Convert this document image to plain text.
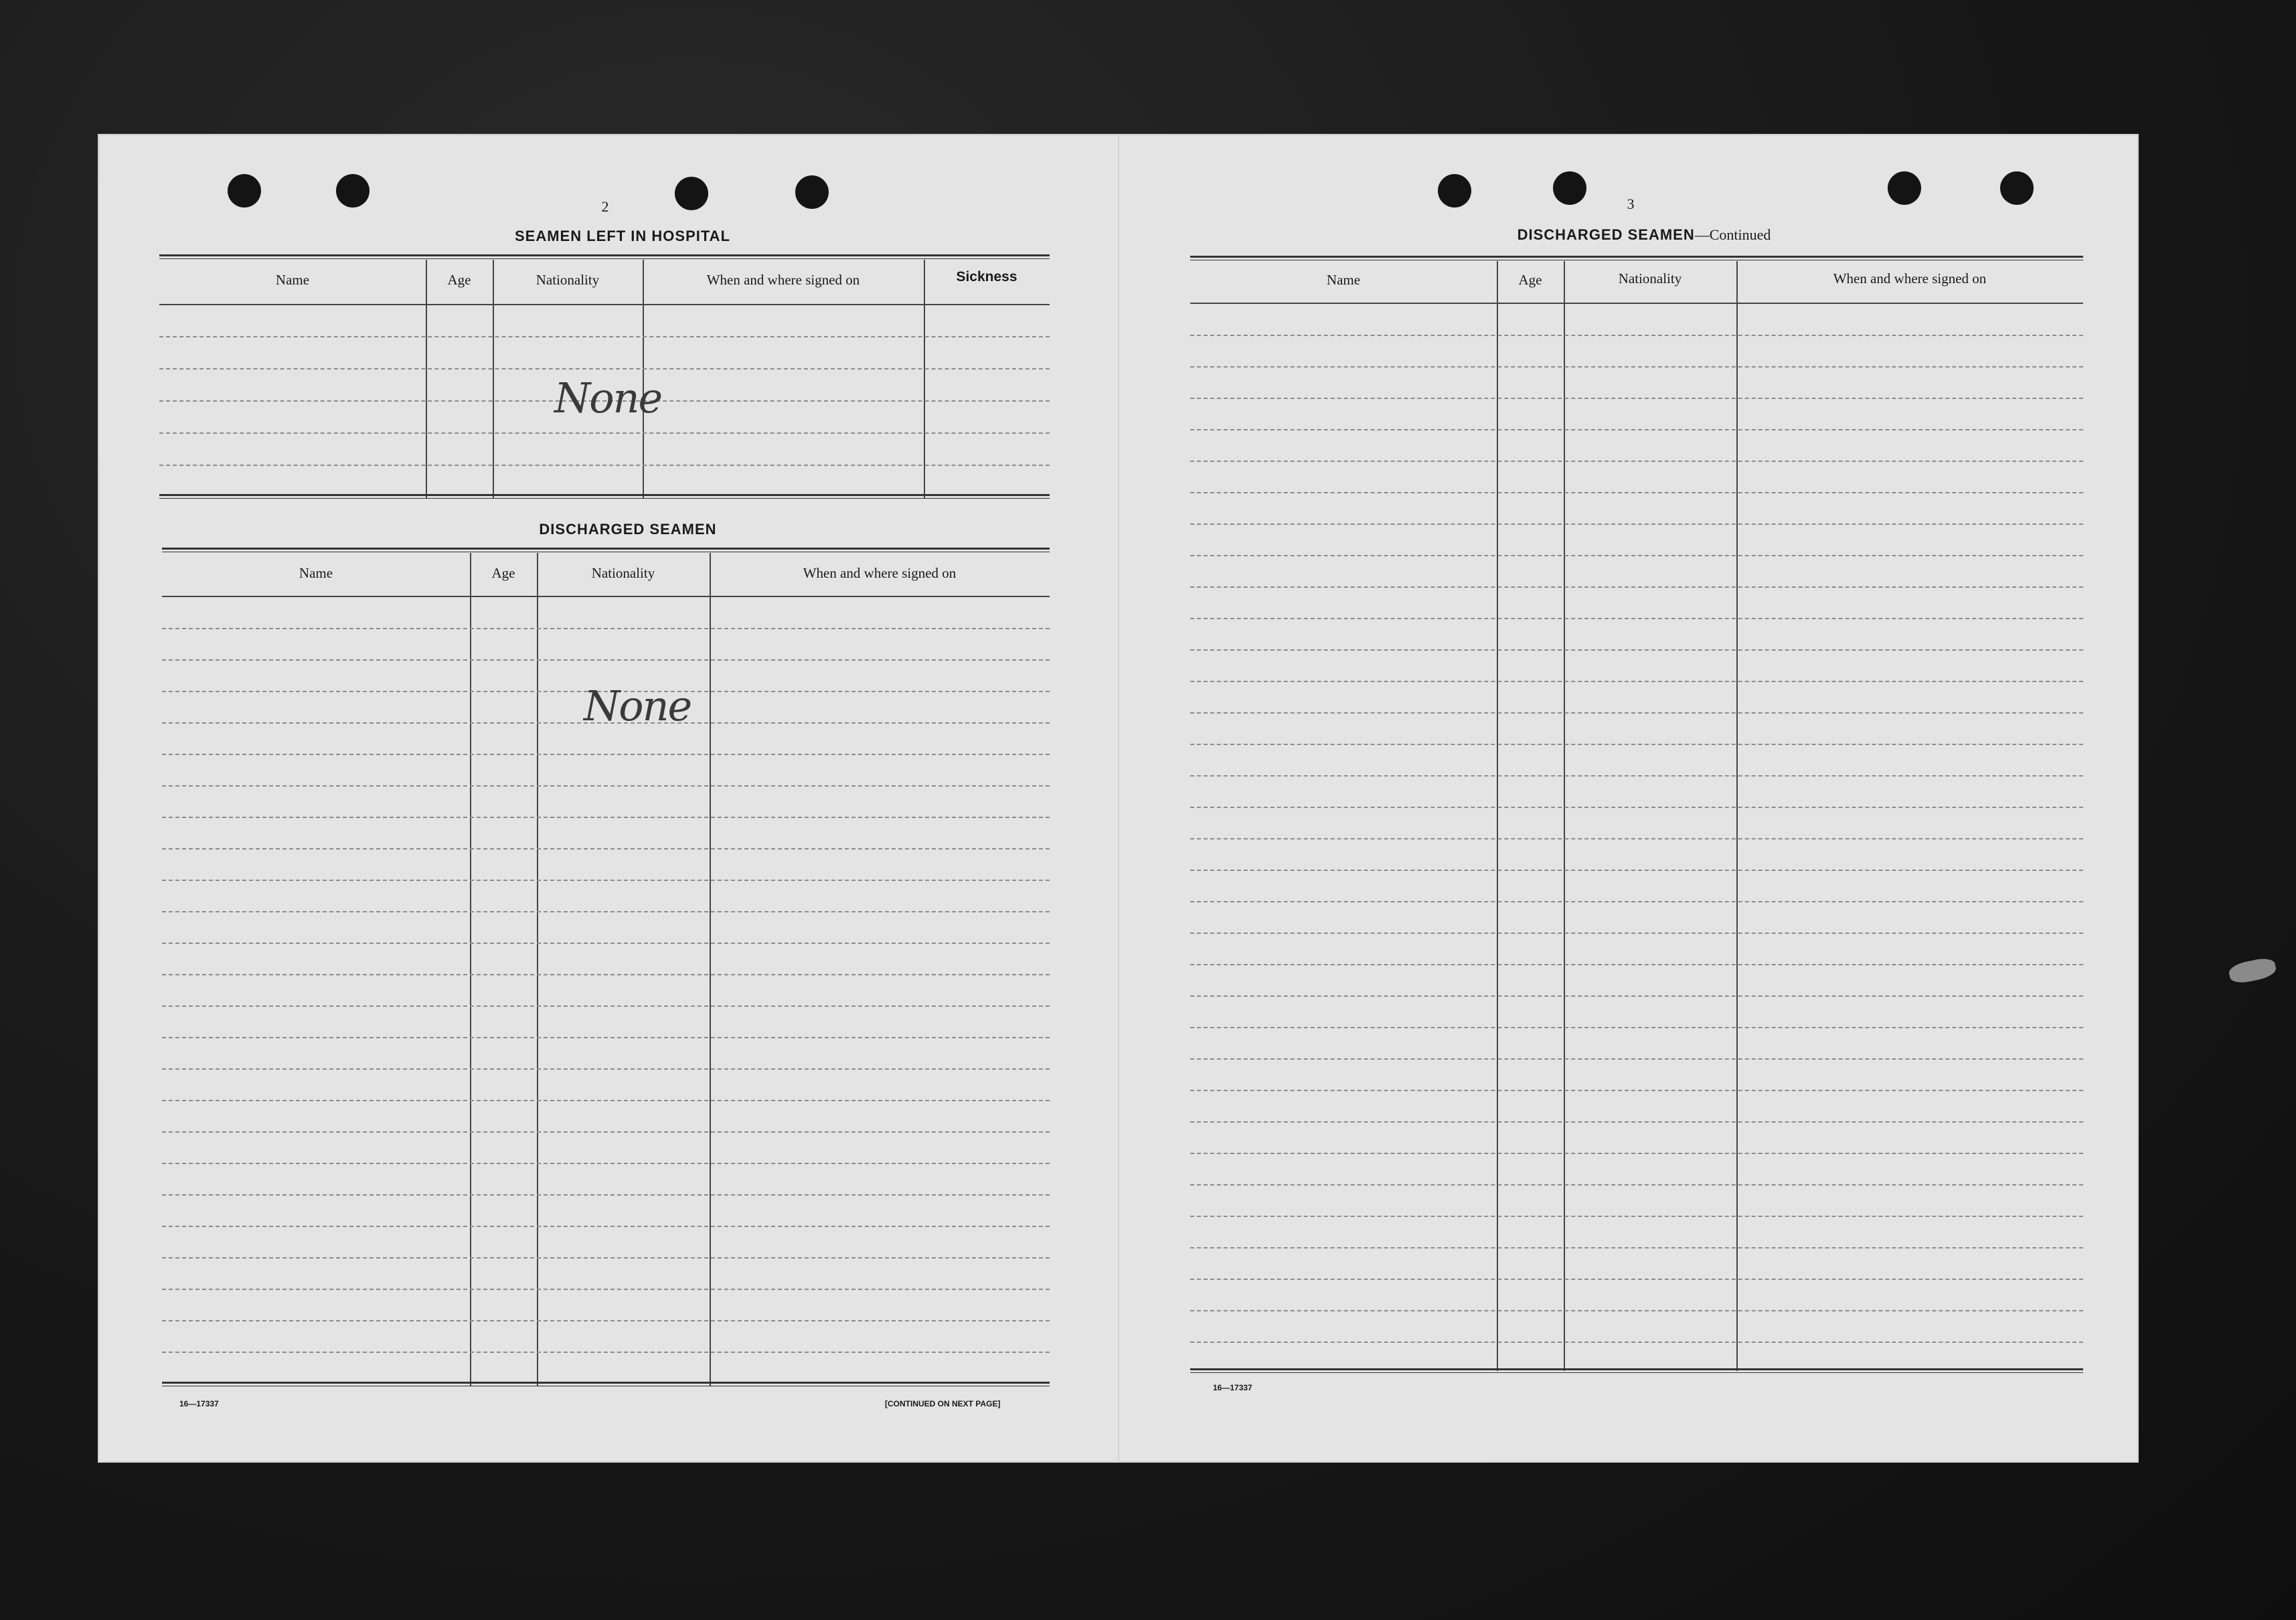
2
SEAMEN LEFT IN HOSPITAL
Name	Age	Nationality	When and where signed on	Sickness
None
DISCHARGED SEAMEN
Name	Age	Nationality	When and where signed on
None
16—17337	[CONTINUED ON NEXT PAGE]
3
DISCHARGED SEAMEN—Continued
Name	Age	Nationality	When and where signed on
16—17337
